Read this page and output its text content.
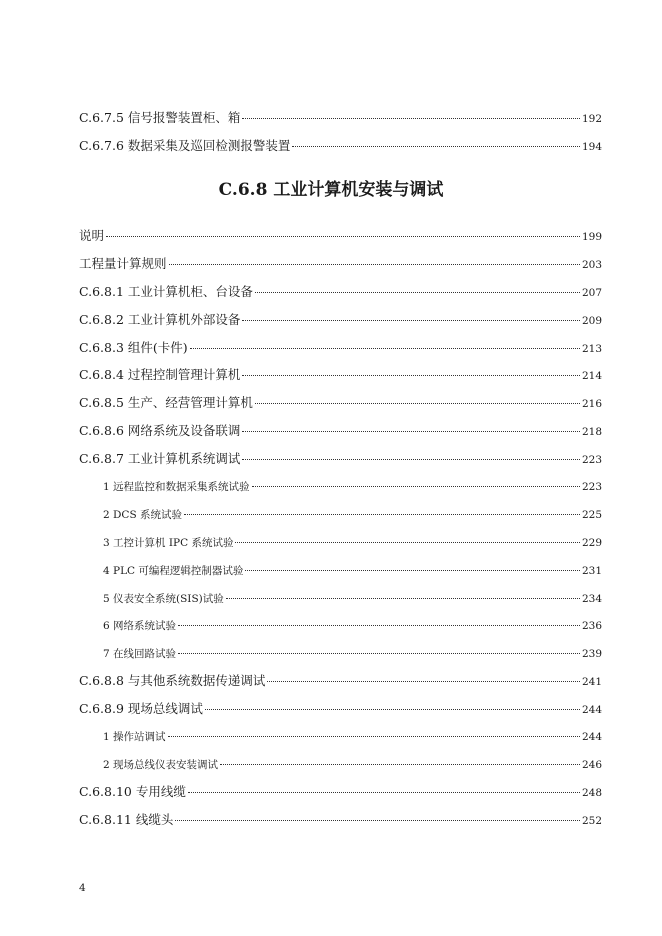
C.6.7.5 信号报警装置柜、箱	192
C.6.7.6 数据采集及巡回检测报警装置	194
C.6.8 工业计算机安装与调试
说明	199
工程量计算规则	203
C.6.8.1 工业计算机柜、台设备	207
C.6.8.2 工业计算机外部设备	209
C.6.8.3 组件(卡件)	213
C.6.8.4 过程控制管理计算机	214
C.6.8.5 生产、经营管理计算机	216
C.6.8.6 网络系统及设备联调	218
C.6.8.7 工业计算机系统调试	223
1 远程监控和数据采集系统试验	223
2 DCS 系统试验	225
3 工控计算机 IPC 系统试验	229
4 PLC 可编程逻辑控制器试验	231
5 仪表安全系统(SIS)试验	234
6 网络系统试验	236
7 在线回路试验	239
C.6.8.8 与其他系统数据传递调试	241
C.6.8.9 现场总线调试	244
1 操作站调试	244
2 现场总线仪表安装调试	246
C.6.8.10 专用线缆	248
C.6.8.11 线缆头	252
4
